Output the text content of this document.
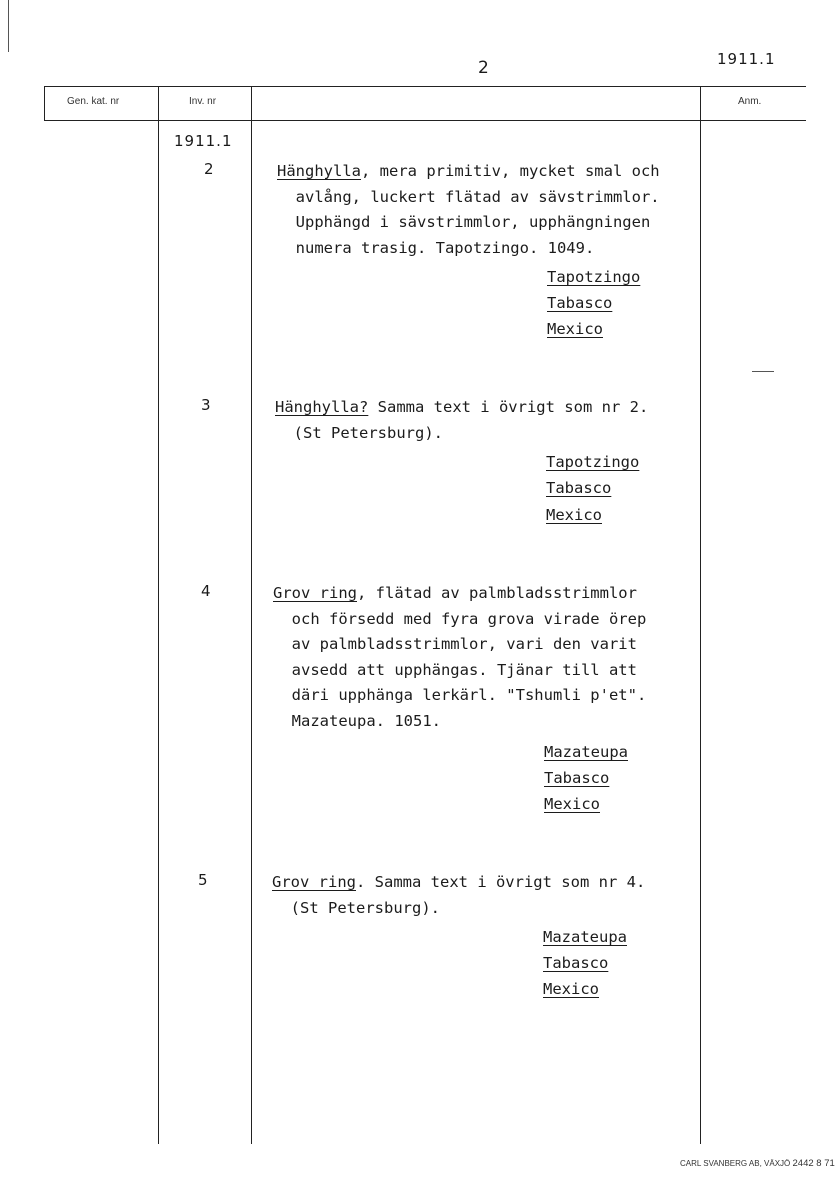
2	1911.1
Gen. kat. nr	Inv. nr	Anm.
1911.1
2	Hänghylla, mera primitiv, mycket smal och
avlång, luckert flätad av sävstrimmlor.
Upphängd i sävstrimmlor, upphängningen
numera trasig. Tapotzingo. 1049.
Tapotzingo
Tabasco
Mexico
3	Hänghylla? Samma text i övrigt som nr 2.
(St Petersburg).
Tapotzingo
Tabasco
Mexico
4	Grov ring, flätad av palmbladsstrimmlor
och försedd med fyra grova virade örep
av palmbladsstrimmlor, vari den varit
avsedd att upphängas. Tjänar till att
däri upphänga lerkärl. "Tshumli p'et".
Mazateupa. 1051.
Mazateupa
Tabasco
Mexico
5	Grov ring. Samma text i övrigt som nr 4.
(St Petersburg).
Mazateupa
Tabasco
Mexico
CARL SVANBERG AB, VÄXJÖ 2442 8 71
